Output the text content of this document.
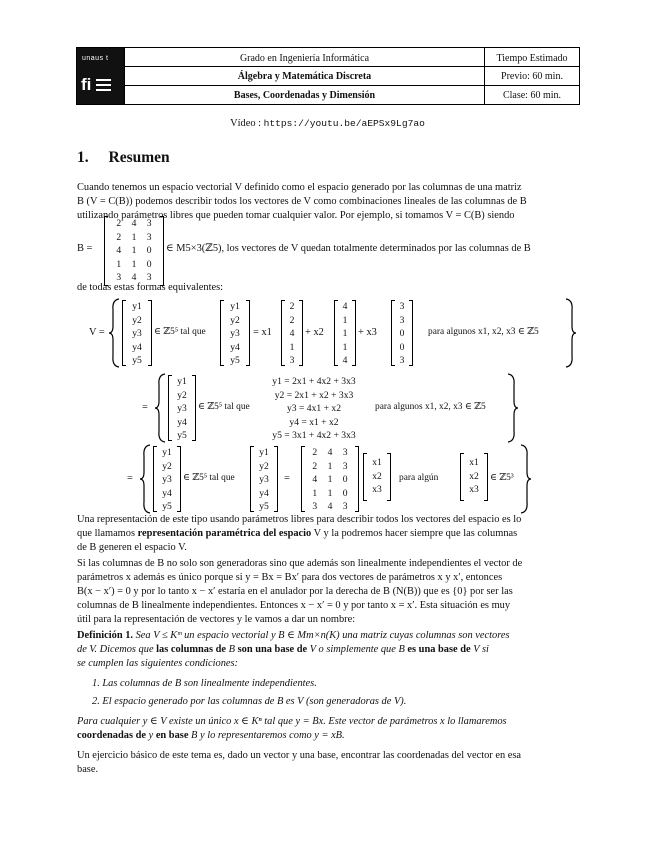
unaus t
fi
Grado en Ingeniería Informática
Álgebra y Matemática Discreta
Bases, Coordenadas y Dimensión
Tiempo Estimado
Previo: 60 min.
Clase: 60 min.
Vídeo : https://youtu.be/aEPSx9Lg7ao
1. Resumen
Cuando tenemos un espacio vectorial V definido como el espacio generado por las columnas de una matriz
B (V = C(B)) podemos describir todos los vectores de V como combinaciones lineales de las columnas de B
utilizando parámetros libres que pueden tomar cualquier valor. Por ejemplo, si tomamos V = C(B) siendo
B =
2 4 3
2 1 3
4 1 0
1 1 0
3 4 3
∈ M5×3(ℤ5), los vectores de V quedan totalmente determinados por las columnas de B
de todas estas formas equivalentes:
V =
y1
y2
y3
y4
y5
∈ ℤ5⁵ tal que
y1
y2
y3
y4
y5
= x1
2
2
4
1
3
+ x2
4
1
1
1
4
+ x3
3
3
0
0
3
para algunos x1, x2, x3 ∈ ℤ5
=
y1
y2
y3
y4
y5
∈ ℤ5⁵ tal que
y1 = 2x1 + 4x2 + 3x3
y2 = 2x1 + x2 + 3x3
y3 = 4x1 + x2
y4 = x1 + x2
y5 = 3x1 + 4x2 + 3x3
para algunos x1, x2, x3 ∈ ℤ5
=
y1
y2
y3
y4
y5
∈ ℤ5⁵ tal que
y1
y2
y3
y4
y5
=
2 4 3
2 1 3
4 1 0
1 1 0
3 4 3
x1
x2
x3
para algún
x1
x2
x3
∈ ℤ5³
Una representación de este tipo usando parámetros libres para describir todos los vectores del espacio es lo
que llamamos representación paramétrica del espacio V y la podremos hacer siempre que las columnas
de B generen el espacio V.
Si las columnas de B no solo son generadoras sino que además son linealmente independientes el vector de
parámetros x además es único porque si y = Bx = Bx′ para dos vectores de parámetros x y x′, entonces
B(x − x′) = 0 y por lo tanto x − x′ estaría en el anulador por la derecha de B (N(B)) que es {0} por ser las
columnas de B linealmente independientes. Entonces x − x′ = 0 y por tanto x = x′. Esta situación es muy
útil para la representación de vectores y le vamos a dar un nombre:
Definición 1. Sea V ≤ Kᵐ un espacio vectorial y B ∈ Mm×n(K) una matriz cuyas columnas son vectores
de V. Dicemos que las columnas de B son una base de V o simplemente que B es una base de V si
se cumplen las siguientes condiciones:
1. Las columnas de B son linealmente independientes.
2. El espacio generado por las columnas de B es V (son generadoras de V).
Para cualquier y ∈ V existe un único x ∈ Kⁿ tal que y = Bx. Este vector de parámetros x lo llamaremos
coordenadas de y en base B y lo representaremos como y = xB.
Un ejercicio básico de este tema es, dado un vector y una base, encontrar las coordenadas del vector en esa
base.
